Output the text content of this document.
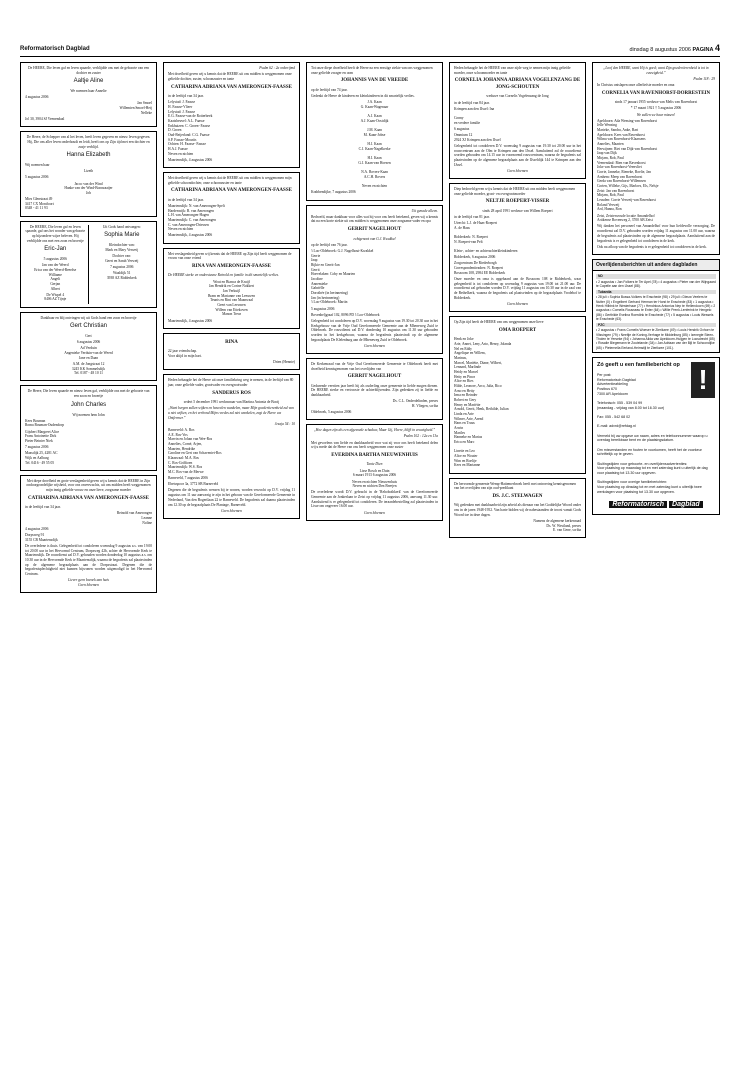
Reformatorisch Dagblad	dinsdag 8 augustus 2006 PAGINA 4

De HEERE, Die leven gaf en leven spaarde, verblijdde ons met de geboorte van een dochter en zuster

Aaltje Aline

We noemen haar Annelie

4 augustus 2006

Jan Smoel
Willemien Smoel-Hetj
Nelleke

Jol 30, 3904 SJ Veenendaal

De Heere, de Schepper van al het leven, heeft leven gegeven en nieuw leven gegeven. Hij, Die ons aller leven onderhoudt en leidt, heeft ons op Zijn tijd met een dochter en zusje verblijd.

Hanna Elizabeth

Wij noemen haar

Lizeth

5 augustus 2006

Jacco van der Wind
Hanke van der Wind-Boonzaaijer
Job

Mies Glenstraat 49
3417 CX Montfoort
0348 - 41 11 93

De HEERE, Die leven gaf en leven spaarde, gaf ons het wonder van geboorte op bijzondere wijze beleven. Hij verblijdde ons met een zoon en broertje

Eric-Jan

5 augustus 2006

Jan van der Weerd
Erica van der Weerd-Reerdse
Williame
Angeli
Gerjan
Albert

De Wispel 4
8406 AZ Tijnje

Uit Gods hand ontvangen:

Sophia Marie

Kleindochter van:
Mark en Mary Verweij

Dochter van:
Geert en Sarah Verweij

7 augustus 2006

Waaldijk 51
3938 AZ Ridderkerk

Dankbaar en blij ontvingen wij uit Gods hand een zoon en broertje

Gert Christian

Gert

6 augustus 2006

Ad Verduin
Angenieke Verduin-van de Weerd
Jane en Daan

A.M. de Jongstraat 12
3245 KK Sommelsdijk
Tel. 0187 - 48 10 11

De Heere, Die leven spaarde en nieuw leven gaf, verblijdde ons met de geboorte van een zoon en broertje

John Charles

Wij noemen hem John

Kees Bouman
Roma Bouman-Oudendorp

Gijsbert Margreet Alice
Frans Antoinette Dirk
Pieter Beinier Niek

7 augustus 2006

Maasdijk 25, 4281 AC
Wijk en Aalburg
Tel. 0416 - 49 55 05

Met diepe droefheid en grote verslagenheid geven wij u kennis dat de HEERE in Zijn ondoorgrondelijke wijsheid, voor ons onverwachts, uit ons midden heeft weggenomen mijn innig geliefde vrouw en onze lieve, zorgzame moeder

CATHARINA ADRIANA VAN AMERONGEN-FAASSE

in de leeftijd van 34 jaar.

Reinold van Amerongen
Leanne
Noline

4 augustus 2006

Dorpsweg 91
3155 CB Maartensdijk

De overledene is thuis. Gelegenheid tot condoleren woensdag 9 augustus a.s. van 19.00 tot 20.00 uur in het Hervormd Centrum, Dorpsweg 42b, achter de Hervormde Kerk te Maartensdijk. De rouwdienst zal D.V. gehouden worden donderdag 10 augustus a.s. om 10.30 uur in de Hervormde Kerk te Maartensdijk, waarna de begrafenis zal plaatsvinden op de algemene begraafplaats aan de Dorpsstraat. Degenen die de begrafenisplechtigheid niet kunnen bijwonen worden uitgenodigd in het Hervormd Centrum.

Liever geen bezoek aan huis
Geen bloemen

Psalm 62 : 2a onberijmd

Met droefheid geven wij u kennis dat de HEERE uit ons midden is weggenomen onze geliefde dochter, zuster, schoonzuster en tante

CATHARINA ADRIANA VAN AMERONGEN-FAASSE

in de leeftijd van 34 jaar.

Lelystad: J. Faasse
H. Faasse-Vlieer
Lelystad: J. Faasse
E.G. Faasse-van de Rotterbeek
Kaatsheuvel: A.L. Faasse
Enkhuizen: C. Groen- Faasse
D. Groen
Oud-Beijerland: C.G. Faasse
S.P. Faasse-Mourits
Ochten: H. Faasse- Faasse
H.A.J. Faasse
Neven en nichten

Maartensdijk, 4 augustus 2006

Met droefheid geven wij u kennis dat de HEERE uit ons midden is weggenomen mijn geliefde schoondochter, onze schoonzuster en tante

CATHARINA ADRIANA VAN AMERONGEN-FAASSE

in de leeftijd van 34 jaar.

Maartensdijk: N. van Amerongen-Spelt
Hardenwijk: B. van Amerongen
L.H. van Amerongen-Hagen
Maartensdijk: C. van Amerongen
C. van Amerongen-Driessen
Neven en nichten

Maartensdijk, 4 augustus 2006

Met verslagenheid geven wij kennis dat de HEERE op Zijn tijd heeft weggenomen de vrouw van onze vriend

RINA VAN AMERONGEN-FAASSE

De HEERE sterke en ondersteune Reinold en familie in dit smartelijk verlies.

Wout en Bianca de Kruijf
Jan Hendrik en Corine Nokkert
Jan Verkuijl
Bram en Marianne van Leeuwen
Teunis en Rini van Maanwaal
Geert van Leeuwen
Willem van Ettekoven
Manon Treur

Maartensdijk, 4 augustus 2006

RINA

22 jaar vriendschap.
Voor altijd in mijn hart.

Drien (Hennie)

Heden behaagde het de Heere uit onze familiekring weg te nemen, in de leeftijd van 80 jaar, onze geliefde vader, grootvader en overgrootvader

SANDERUS ROS

sedert 5 december 1991 weduwnaar van Martina Antonia de Booij

„Want bergen zullen wijken en heuvelen wankelen, maar Mijn goedertierenheid zal van u niet wijken, en het verbond Mijns vredes zal niet wankelen, zegt de Heere uw Ontfermer.”

Jesaja 54 : 10

Barneveld: A. Ros
A.E. Ros-Vos
Marvin en Johan van Wee-Ros
Annelies, Corné, Arjen,
Maarten, Hendrike
Caroline en Gert van Schaveniet-Ros
Klaaswaal: M.A. Ros
C. Ros-Griffioen
Maartensdijk: W.S. Ros
M.C. Ros-van de Merwe

Barneveld, 7 augustus 2006

Ebetsspoor 3a, 3772 SB Barneveld

Degenen die de begrafenis wensen bij te wonen, worden verzocht op D.V. vrijdag 11 augustus om 11 uur aanwezig te zijn in het gebouw van de Gereformeerde Gemeente in Nederland, Van den Bogertlaan 22 te Barneveld. De begrafenis zal daarna plaatsvinden om 12.30 op de begraafplaats De Plantage, Barneveld.

Geen bloemen

Tot onze diepe droefheid heeft de Heere na een ernstige ziekte van ons weggenomen onze geliefde zwager en oom

JOHANNIS VAN DE VREEDE

op de leeftijd van 74 jaar.

Gedenkt de Heere de kinderen en kleinkinderen in dit smartelijk verlies.

J.A. Kaan
G. Kaan-Wagenaar

A.J. Kaan
A.J. Kaan-Oostdijk

J.M. Kaan
M. Kaan-Jobse

H.J. Kaan
C.J. Kaan-Nagelkerke

H.I. Kaan
G.J. Kaan-van Hoesen

N.A. Rovers-Kaan
A.C.H. Rovers

Neven en nichten

Krabbendijke, 7 augustus 2006

Uit genade alleen.

Bedroefd, maar dankbaar voor alles wat hij voor ons heeft betekend, geven wij u kennis dat na een korte ziekte uit ons midden is weggenomen onze zorgzame vader en opa

GERRIT NAGELHOUT

echtgenoot van G.J. Kwakkel

op de leeftijd van 76 jaar.

't Loo-Oldebroek: G.J. Nagelhout-Kwakkel
Gerrie
Jaap
Rijkie en Gerrit-Jan
Gerrit
Hoevelaken: Coby en Maarten
Jacoline
Annemieke
Gabriëlle
Dorothée (in herinnering)
Jan (in herinnering)
't Loo-Oldebroek: Martin

5 augustus 2006

Bovenbeljgraaf 102, 8096 PD 't Loo-Oldebroek

Gelegenheid tot condoleren op D.V. woensdag 9 augustus van 19.30 tot 20.30 uur in het Kerkgebouw van de Vrije Oud Gereformeerde Gemeente aan de Mheneweg Zuid te Oldebroek. De rouwdienst zal D.V. donderdag 10 augustus om 11.30 uur gehouden worden in het kerkgebouw, waarna de begrafenis plaatsvindt op de algemene begraafplaats De Klelenburg aan de Mheneweg Zuid te Oldebroek.

Geen bloemen

De Kerkenraad van de Vrije Oud Gereformeerde Gemeente te Oldebroek heeft met droefheid kennisgenomen van het overlijden van

GERRIT NAGELHOUT

Gedurende veertien jaar heeft hij als ouderling onze gemeente in liefde mogen dienen. De HEERE sterke en vertrooste de achterblijvenden. Zijn gedenken zij in liefde en dankbaarheid.

Ds. C.L. Onderdelinden, preses
H. Vliegen, scriba

Oldebroek, 5 augustus 2006

„Hoe dagen zijn als een afgesnede schaduw, Maar Gij, Heere, blijft in eeuwigheid.”

Psalm 102 : 12a en 13a

Met gevoelens van liefde en dankbaarheid voor wat zij voor ons heeft betekend delen wij u mede dat de Heere van ons heeft weggenomen onze zuster

EVERDINA BARTHA NIEUWENHUIS

Tante Dien

Lisse Bosch en Duin
6 maart 1913 6 augustus 2006

Neven en nichten Nieuwenhuis
Neven en nichten Den Breejen

De overledene wordt D.V. gebracht in de 'Rehobothkerk' van de Gereformeerde Gemeente aan de Jonkerlaan te Zeist op vrijdag 11 augustus 2006, aanvang 11.30 uur. Aansluitend is er gelegenheid tot condoleren. De teraardebestelling zal plaatsvinden in Lisse om ongeveer 16.00 uur.

Geen bloemen

Heden behaagde het de HEERE van onze zijde weg te nemen mijn innig geliefde moeder, onze schoonmoeder en tante

CORNELIA JOHANNA ADRIANA VOGELENZANG DE JONG-SCHOUTEN

weduwe van Cornelis Vogelenzang de Jong

in de leeftijd van 84 jaar.

Krimpen aan den IJssel: Ina

Conny
en verdere familie

6 augustus

Ommium 12
2924 XJ Krimpen aan den IJssel

Gelegenheid tot condoleren D.V. woensdag 9 augustus van 19.30 tot 20.00 uur in het rouwcentrum aan de Olm te Krimpen aan den IJssel. Aansluitend zal de rouwdienst worden gehouden om 14.15 uur in voornoemd rouwcentrum, waarna de begrafenis zal plaatsvinden op de algemene begraafplaats aan de IJsseldijk 144 te Krimpen aan den IJssel.

Geen bloemen

Diep bedroefd geven wij u kennis dat de HEERE uit ons midden heeft weggenomen onze geliefde moeder, groot- en overgrootmoeder

NELTJE ROEPERT-VISSER

sinds 28 april 1991 weduwe van Willem Roepert

in de leeftijd van 81 jaar.

Utrecht: L.J. de Haas-Roepert
A. de Haas

Ridderkerk: N. Roepert
N. Roepert-van Pelt

Klein-, achter- en achterachterkleinkinderen

Ridderkerk, 6 augustus 2006

Zorgcentrum De Riederborgh
Correspondentieadres: N. Roepert
Boszoom 108, 2984 EE Ridderkerk

Onze moeder en oma is opgebaard aan de Boszoom 108 te Ridderkerk, waar gelegenheid is tot condoleren op woensdag 9 augustus van 19.00 tot 21.00 uur. De rouwdienst zal gehouden worden D.V. vrijdag 11 augustus om 10.30 uur in de zaal van de Bethelkerk, waarna de begrafenis zal plaatsvinden op de begraafplaats Vrodehof te Ridderkerk.

Geen bloemen

Op Zijn tijd heeft de HEERE van ons weggenomen onze lieve

OMA ROEPERT

Henk en Joke
Arie, Annet, Leny, Arto, Henry, Jolanda
Nel en Eddy
Angelique en Willem,
Marinus,
Marcel, Mariëtte, Diane, Wilbert,
Lennard, Marlinde
Heidy en Marcel
Hetty en Pinor
Alice en Ries
Hilde, Leonore, Arco, Julia, Rico
Arno en Hetty
Irma en Reinder
Robert en Gery
Henry en Mariëtte
Arnold, Gerrit, Henk, Bethilde, Julian
Linda en Arie
Wilmer, Arie, Arend
Hans en Truus
Arwin
Mariles
Hanneke en Marius
Erica en Marc

Linette en Leo
Alice en Wouter
Wim en Roelije
Kees en Marianne

De hervormde gemeente Wemp-Hattemerbroek heeft met ontroering kennisgenomen van het overlijden van zijn oud-predikant

DS. J.C. STELWAGEN

Wij gedenken met dankbaarheid zijn arbeid als dienaar van het Goddelijke Woord onder ons in de jaren 1948-1952. Van harte bidden wij de nabestaanden de troost vanuit Gods Woord toe in deze dagen.

Namens de algemene kerkenraad
Ds. W. Westland, preses
E. van Gene, scriba

„Loof den HEERE, want Hij is goed; want Zijn goedertierenheid is tot in eeuwigheid.”

Psalm 118 : 29

In Christus ontslapen onze allerliefste moeder en oma

CORNELIA VAN RAVENHORST-DORRESTEIN

sinds 17 januari 1955 weduwe van Melis van Ravenhorst

* 17 maart 1921 † 5 augustus 2006

We zullen we haar missen!

Apeldoorn: Ada Wensing-van Ravenhorst
Jelle Wensing
Marieke, Sandra, Anke, Bart
Apeldoorn: Kees van Ravenhorst
Wilma van Ravenhorst-Klaassens
Annelies, Maarten
Herwijnen: Riet van Dijk-van Ravenhorst
Jaap van Dijk
Mirjam, Rob, Paul
Veenendaal: Bien van Ravenhorst
Joke van Ravenhorst-Veenvliet
Corrie, Janneke, Rieneke, Roelie, Jan
Arnhem: Meep van Ravenhorst
Gerda van Ravenhorst-Willemsen
Corien, Willeke, Gijs, Marloes, Els, Nelsje
Zeist: Jan van Ravenhorst
Mirjam, Rob, Paul
Leusden: Corrie Verweij-van Ravenhorst
Roland Verweij
Ard, Hanna, Ron

Zeist, Zeisterwoude locatie Amandelhof
Artikense Bovenweg 2, 3700 AB Zeist

Wij danken het personeel van Amandelhof voor hun liefdevolle verzorging. De rouwdienst zal D.V. gehouden worden vrijdag 11 augustus om 11.00 uur, waarna de begrafenis zal plaatsvinden op de algemene begraafplaats. Aansluitend aan de begrafenis is er gelegenheid tot condoleren in de kerk.

Ook na afloop van de begrafenis is er gelegenheid tot condoleren in de kerk.

Overlijdensberichten uit andere dagbladen
ND

• 2 augustus • Jan Folkers te Ter Apel (78) • 4 augustus • Pieter van der Wijngaard te Capelle aan den IJssel (88).

Tubantia

• 28 juli • Sophia Bussa-Volkers te Enschede (98) • 29 juli • Dieuw Veelers te Nutter (0) • Engelbert Gerhard Herman ter Horst te Enschede (83) • 1 augustus • Henk Hilbink te Westerhaar (77) • Hendricus Antonius Nep te Hellendoorn (69) • 2 augustus • Cornelis Rousseau te Enter (64) • Willie Prenk-Lenferink te Hengelo (86) • Gerthilde Evelina Roerdink te Enschede (77) • 5 augustus • Louis Wessels te Enschede (63).

PZC

• 2 augustus • Frans Cornelis Woeser te Zierikzee (49) • Louis Hendrik Oxhorn te Vlissingen (79) • Neeltje de Koning-Verhage te Middelburg (85) • Izenegte Steen-Tholen te Yerseke (94) • Johanna Alida van Apeldoorn-Huijgen te Loosdrecht (85) • Rosalie Biegemann te Zoutelande (34) • Jan Adriaan van der Bijl te Schoondijke (65) • Pieternella Eerland-Heimstijl te Zierikzee (101).

!
Zó geeft u een familiebericht op

Per post:
Reformatorisch Dagblad
Advertentieafdeling
Postbus 670
7300 AR Apeldoorn

Telefonisch: 055 - 539 04 99
(maandag - vrijdag van 8.00 tot 16.30 uur)

Fax: 055 - 542 68 02

E-mail: advrd@refdag.nl

Vermeld bij uw opgave uw naam, adres en telefoonnummer waarop u overdag bereikbaar bent en de plaatsingsdatum.

Om misverstanden en fouten te voorkomen, heeft het de voorkeur schriftelijk op te geven.

Sluitingstijden voor geboorte- en overlijdensadvertenties:
Voor plaatsing op maandag tot en met zaterdag kunt u uiterlijk de dag voor plaatsing tot 13.30 uur opgeven.

Sluitingstijden voor overige familieberichten:
Voor plaatsing op dinsdag tot en met zaterdag kunt u uiterlijk twee werkdagen voor plaatsing tot 13.30 uur opgeven.

Reformatorisch Dagblad
